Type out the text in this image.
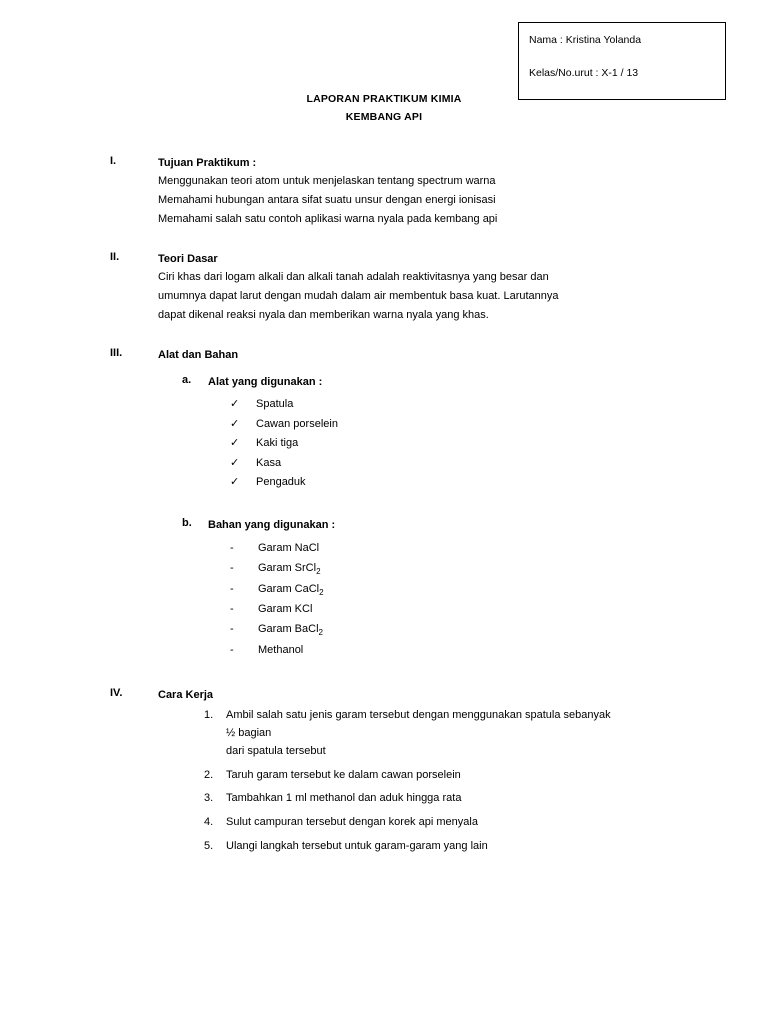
Nama : Kristina Yolanda
Kelas/No.urut : X-1 / 13
LAPORAN PRAKTIKUM KIMIA
KEMBANG API
I.	Tujuan Praktikum :
Menggunakan teori atom untuk menjelaskan tentang spectrum warna
Memahami hubungan antara sifat suatu unsur dengan energi ionisasi
Memahami salah satu contoh aplikasi warna nyala pada kembang api
II.	Teori Dasar
Ciri khas dari logam alkali dan alkali tanah adalah reaktivitasnya yang besar dan
umumnya dapat larut dengan mudah dalam air membentuk basa kuat. Larutannya
dapat dikenal reaksi nyala dan memberikan warna nyala yang khas.
III.	Alat dan Bahan
a.	Alat yang digunakan :
✓	Spatula
✓	Cawan porselein
✓	Kaki tiga
✓	Kasa
✓	Pengaduk
b.	Bahan yang digunakan :
-	Garam NaCl
-	Garam SrCl$_2$
-	Garam CaCl$_2$
-	Garam KCl
-	Garam BaCl$_2$
-	Methanol
IV.	Cara Kerja
1.	Ambil salah satu jenis garam tersebut dengan menggunakan spatula sebanyak ½ bagian
dari spatula tersebut
2.	Taruh garam tersebut ke dalam cawan porselein
3.	Tambahkan 1 ml methanol dan aduk hingga rata
4.	Sulut campuran tersebut dengan korek api menyala
5.	Ulangi langkah tersebut untuk garam-garam yang lain
